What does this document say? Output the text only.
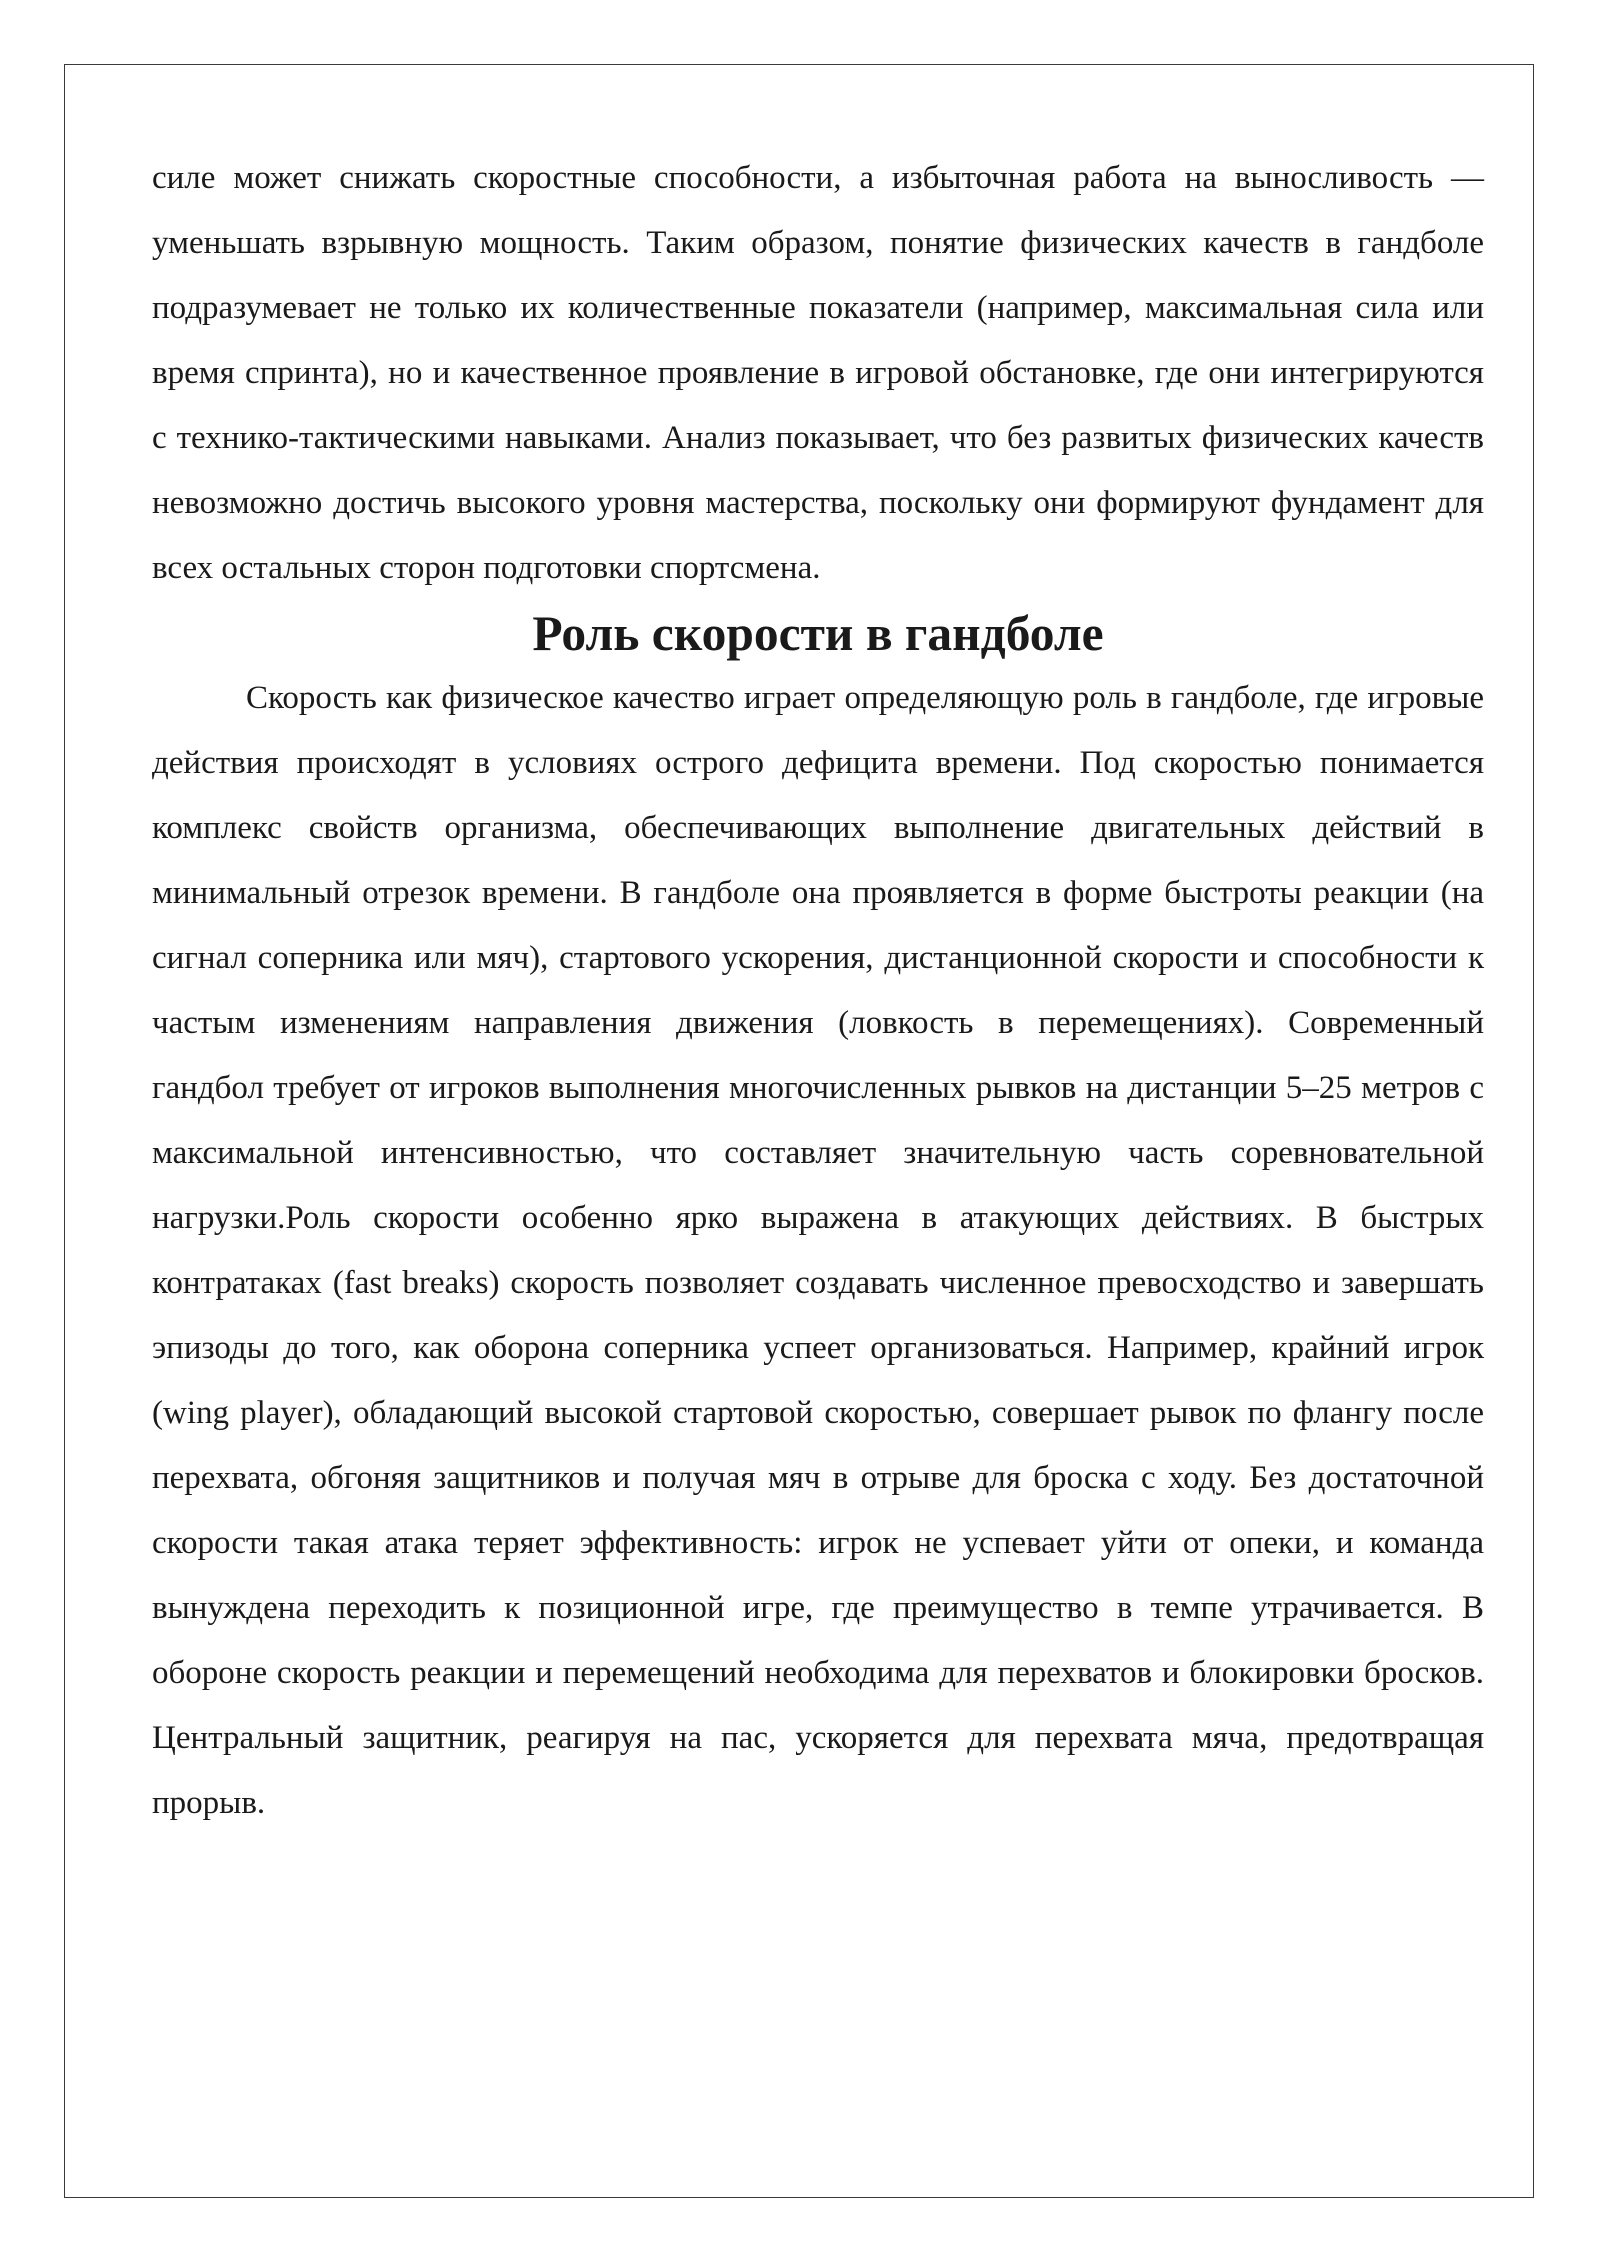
силе может снижать скоростные способности, а избыточная работа на выносливость — уменьшать взрывную мощность. Таким образом, понятие физических качеств в гандболе подразумевает не только их количественные показатели (например, максимальная сила или время спринта), но и качественное проявление в игровой обстановке, где они интегрируются с технико-тактическими навыками. Анализ показывает, что без развитых физических качеств невозможно достичь высокого уровня мастерства, поскольку они формируют фундамент для всех остальных сторон подготовки спортсмена.

Роль скорости в гандболе

Скорость как физическое качество играет определяющую роль в гандболе, где игровые действия происходят в условиях острого дефицита времени. Под скоростью понимается комплекс свойств организма, обеспечивающих выполнение двигательных действий в минимальный отрезок времени. В гандболе она проявляется в форме быстроты реакции (на сигнал соперника или мяч), стартового ускорения, дистанционной скорости и способности к частым изменениям направления движения (ловкость в перемещениях). Современный гандбол требует от игроков выполнения многочисленных рывков на дистанции 5–25 метров с максимальной интенсивностью, что составляет значительную часть соревновательной нагрузки.Роль скорости особенно ярко выражена в атакующих действиях. В быстрых контратаках (fast breaks) скорость позволяет создавать численное превосходство и завершать эпизоды до того, как оборона соперника успеет организоваться. Например, крайний игрок (wing player), обладающий высокой стартовой скоростью, совершает рывок по флангу после перехвата, обгоняя защитников и получая мяч в отрыве для броска с ходу. Без достаточной скорости такая атака теряет эффективность: игрок не успевает уйти от опеки, и команда вынуждена переходить к позиционной игре, где преимущество в темпе утрачивается. В обороне скорость реакции и перемещений необходима для перехватов и блокировки бросков. Центральный защитник, реагируя на пас, ускоряется для перехвата мяча, предотвращая прорыв.
